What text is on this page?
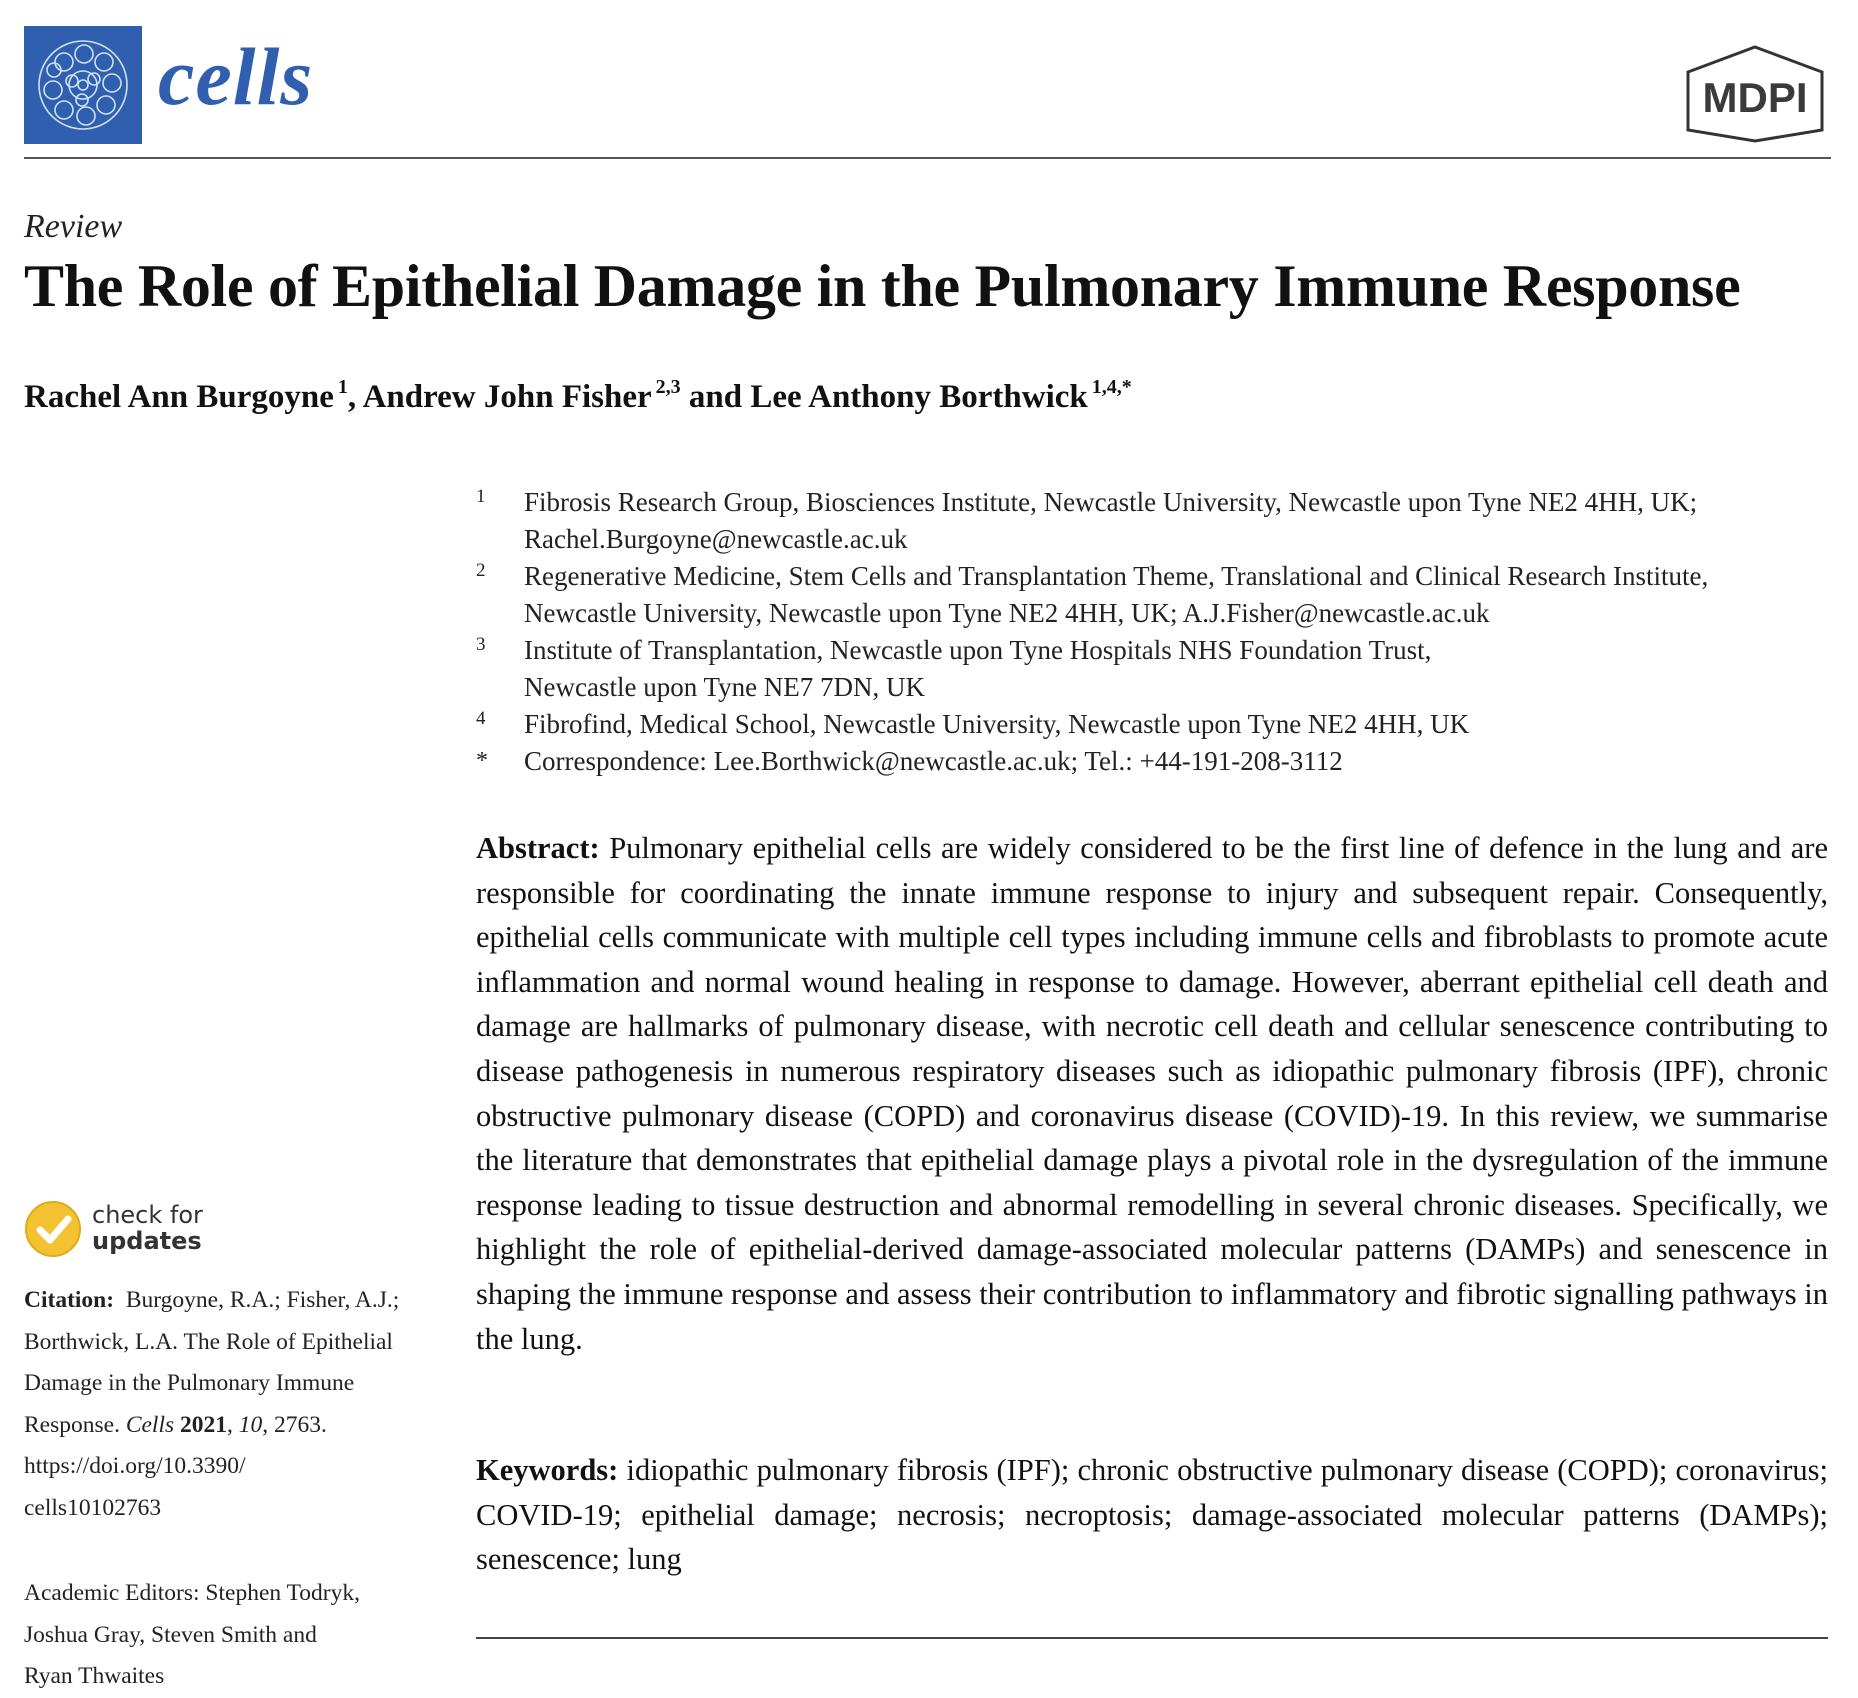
cells	MDPI
Review
The Role of Epithelial Damage in the Pulmonary Immune Response
Rachel Ann Burgoyne $^1$, Andrew John Fisher $^{2,3}$ and Lee Anthony Borthwick $^{1,4,*}$
1 Fibrosis Research Group, Biosciences Institute, Newcastle University, Newcastle upon Tyne NE2 4HH, UK;
Rachel.Burgoyne@newcastle.ac.uk
2 Regenerative Medicine, Stem Cells and Transplantation Theme, Translational and Clinical Research Institute,
Newcastle University, Newcastle upon Tyne NE2 4HH, UK; A.J.Fisher@newcastle.ac.uk
3 Institute of Transplantation, Newcastle upon Tyne Hospitals NHS Foundation Trust,
Newcastle upon Tyne NE7 7DN, UK
4 Fibrofind, Medical School, Newcastle University, Newcastle upon Tyne NE2 4HH, UK
* Correspondence: Lee.Borthwick@newcastle.ac.uk; Tel.: +44-191-208-3112
Abstract: Pulmonary epithelial cells are widely considered to be the first line of defence in the lung and are responsible for coordinating the innate immune response to injury and subsequent repair. Consequently, epithelial cells communicate with multiple cell types including immune cells and fibroblasts to promote acute inflammation and normal wound healing in response to damage. However, aberrant epithelial cell death and damage are hallmarks of pulmonary disease, with necrotic cell death and cellular senescence contributing to disease pathogenesis in numerous respiratory diseases such as idiopathic pulmonary fibrosis (IPF), chronic obstructive pulmonary disease (COPD) and coronavirus disease (COVID)-19. In this review, we summarise the literature that demonstrates that epithelial damage plays a pivotal role in the dysregulation of the immune response leading to tissue destruction and abnormal remodelling in several chronic diseases. Specifically, we highlight the role of epithelial-derived damage-associated molecular patterns (DAMPs) and senescence in shaping the immune response and assess their contribution to inflammatory and fibrotic signalling pathways in the lung.
Keywords: idiopathic pulmonary fibrosis (IPF); chronic obstructive pulmonary disease (COPD); coronavirus; COVID-19; epithelial damage; necrosis; necroptosis; damage-associated molecular patterns (DAMPs); senescence; lung
check for
updates
Citation: Burgoyne, R.A.; Fisher, A.J.;
Borthwick, L.A. The Role of Epithelial
Damage in the Pulmonary Immune
Response. Cells 2021, 10, 2763.
https://doi.org/10.3390/
cells10102763
Academic Editors: Stephen Todryk,
Joshua Gray, Steven Smith and
Ryan Thwaites
